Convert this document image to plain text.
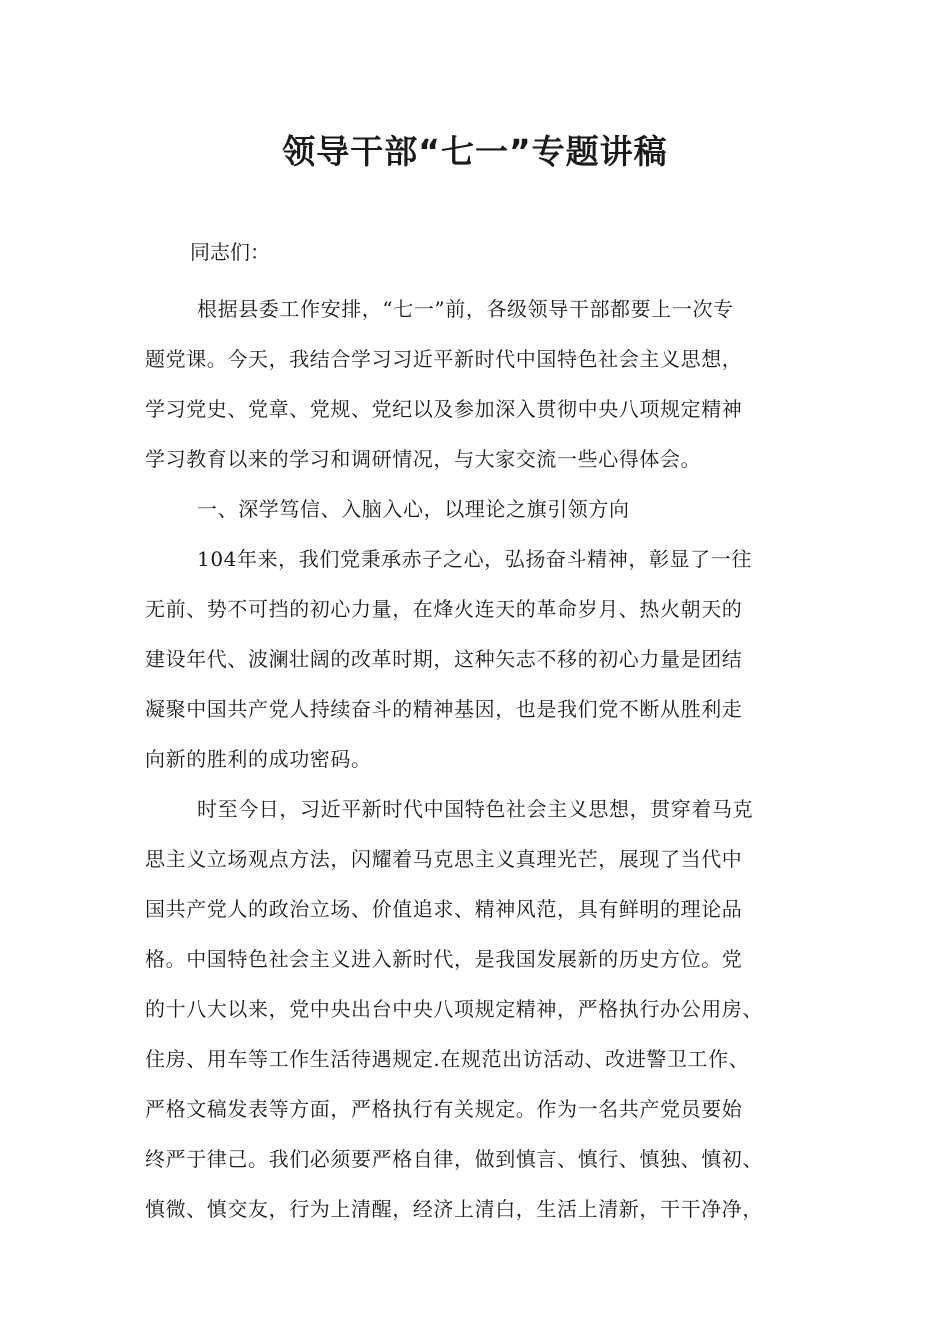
领导干部“七一”专题讲稿

同志们：

根据县委工作安排，“七一”前，各级领导干部都要上一次专
题党课。今天，我结合学习习近平新时代中国特色社会主义思想，
学习党史、党章、党规、党纪以及参加深入贯彻中央八项规定精神
学习教育以来的学习和调研情况，与大家交流一些心得体会。

一、深学笃信、入脑入心，以理论之旗引领方向

104年来，我们党秉承赤子之心，弘扬奋斗精神，彰显了一往
无前、势不可挡的初心力量，在烽火连天的革命岁月、热火朝天的
建设年代、波澜壮阔的改革时期，这种矢志不移的初心力量是团结
凝聚中国共产党人持续奋斗的精神基因，也是我们党不断从胜利走
向新的胜利的成功密码。

时至今日，习近平新时代中国特色社会主义思想，贯穿着马克
思主义立场观点方法，闪耀着马克思主义真理光芒，展现了当代中
国共产党人的政治立场、价值追求、精神风范，具有鲜明的理论品
格。中国特色社会主义进入新时代，是我国发展新的历史方位。党
的十八大以来，党中央出台中央八项规定精神，严格执行办公用房、
住房、用车等工作生活待遇规定.在规范出访活动、改进警卫工作、
严格文稿发表等方面，严格执行有关规定。作为一名共产党员要始
终严于律己。我们必须要严格自律，做到慎言、慎行、慎独、慎初、
慎微、慎交友，行为上清醒，经济上清白，生活上清新，干干净净，
